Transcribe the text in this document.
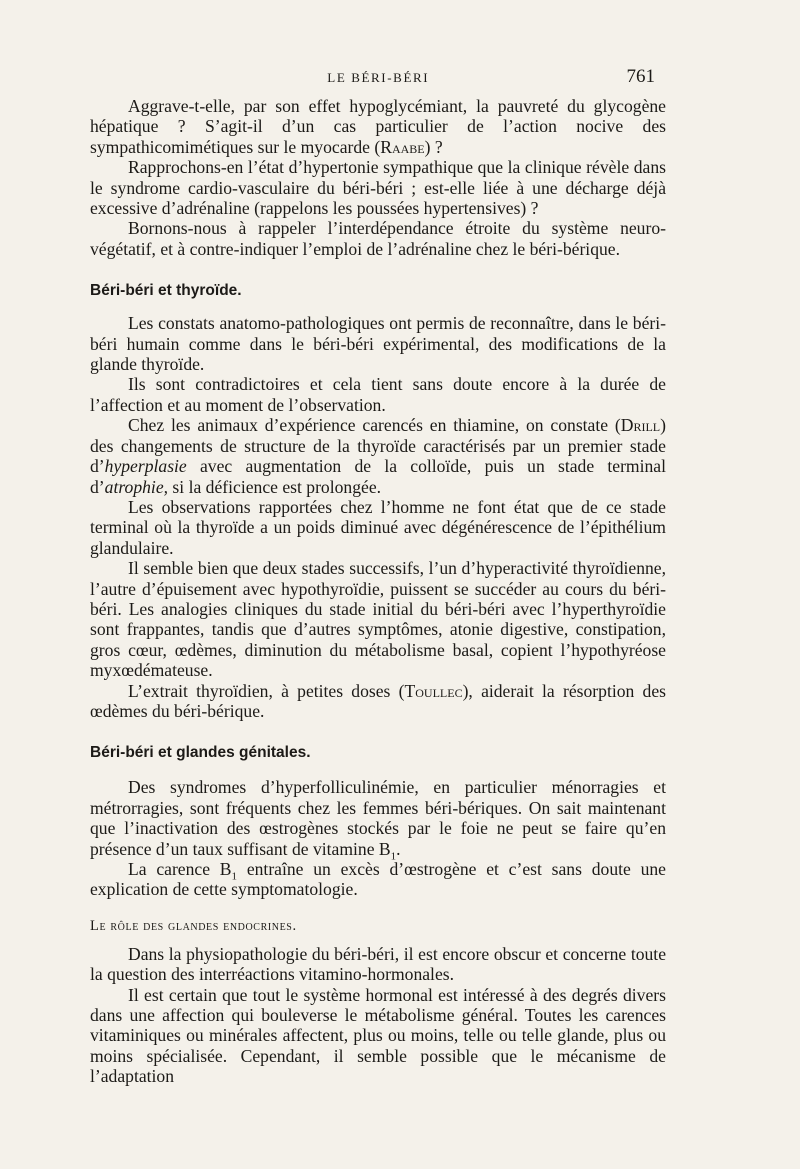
LE BÉRI-BÉRI	761

Aggrave-t-elle, par son effet hypoglycémiant, la pauvreté du glycogène hépatique ? S’agit-il d’un cas particulier de l’action nocive des sympathicomimétiques sur le myocarde (Raabe) ?

Rapprochons-en l’état d’hypertonie sympathique que la clinique révèle dans le syndrome cardio-vasculaire du béri-béri ; est-elle liée à une décharge déjà excessive d’adrénaline (rappelons les poussées hypertensives) ?

Bornons-nous à rappeler l’interdépendance étroite du système neuro-végétatif, et à contre-indiquer l’emploi de l’adrénaline chez le béri-bérique.

Béri-béri et thyroïde.

Les constats anatomo-pathologiques ont permis de reconnaître, dans le béri-béri humain comme dans le béri-béri expérimental, des modifications de la glande thyroïde.

Ils sont contradictoires et cela tient sans doute encore à la durée de l’affection et au moment de l’observation.

Chez les animaux d’expérience carencés en thiamine, on constate (Drill) des changements de structure de la thyroïde caractérisés par un premier stade d’hyperplasie avec augmentation de la colloïde, puis un stade terminal d’atrophie, si la déficience est prolongée.

Les observations rapportées chez l’homme ne font état que de ce stade terminal où la thyroïde a un poids diminué avec dégénérescence de l’épithélium glandulaire.

Il semble bien que deux stades successifs, l’un d’hyperactivité thyroïdienne, l’autre d’épuisement avec hypothyroïdie, puissent se succéder au cours du béri-béri. Les analogies cliniques du stade initial du béri-béri avec l’hyperthyroïdie sont frappantes, tandis que d’autres symptômes, atonie digestive, constipation, gros cœur, œdèmes, diminution du métabolisme basal, copient l’hypothyréose myxœdémateuse.

L’extrait thyroïdien, à petites doses (Toullec), aiderait la résorption des œdèmes du béri-bérique.

Béri-béri et glandes génitales.

Des syndromes d’hyperfolliculinémie, en particulier ménorragies et métrorragies, sont fréquents chez les femmes béri-bériques. On sait maintenant que l’inactivation des œstrogènes stockés par le foie ne peut se faire qu’en présence d’un taux suffisant de vitamine $B_1$.

La carence $B_1$ entraîne un excès d’œstrogène et c’est sans doute une explication de cette symptomatologie.

Le rôle des glandes endocrines.

Dans la physiopathologie du béri-béri, il est encore obscur et concerne toute la question des interréactions vitamino-hormonales.

Il est certain que tout le système hormonal est intéressé à des degrés divers dans une affection qui bouleverse le métabolisme général. Toutes les carences vitaminiques ou minérales affectent, plus ou moins, telle ou telle glande, plus ou moins spécialisée. Cependant, il semble possible que le mécanisme de l’adaptation
